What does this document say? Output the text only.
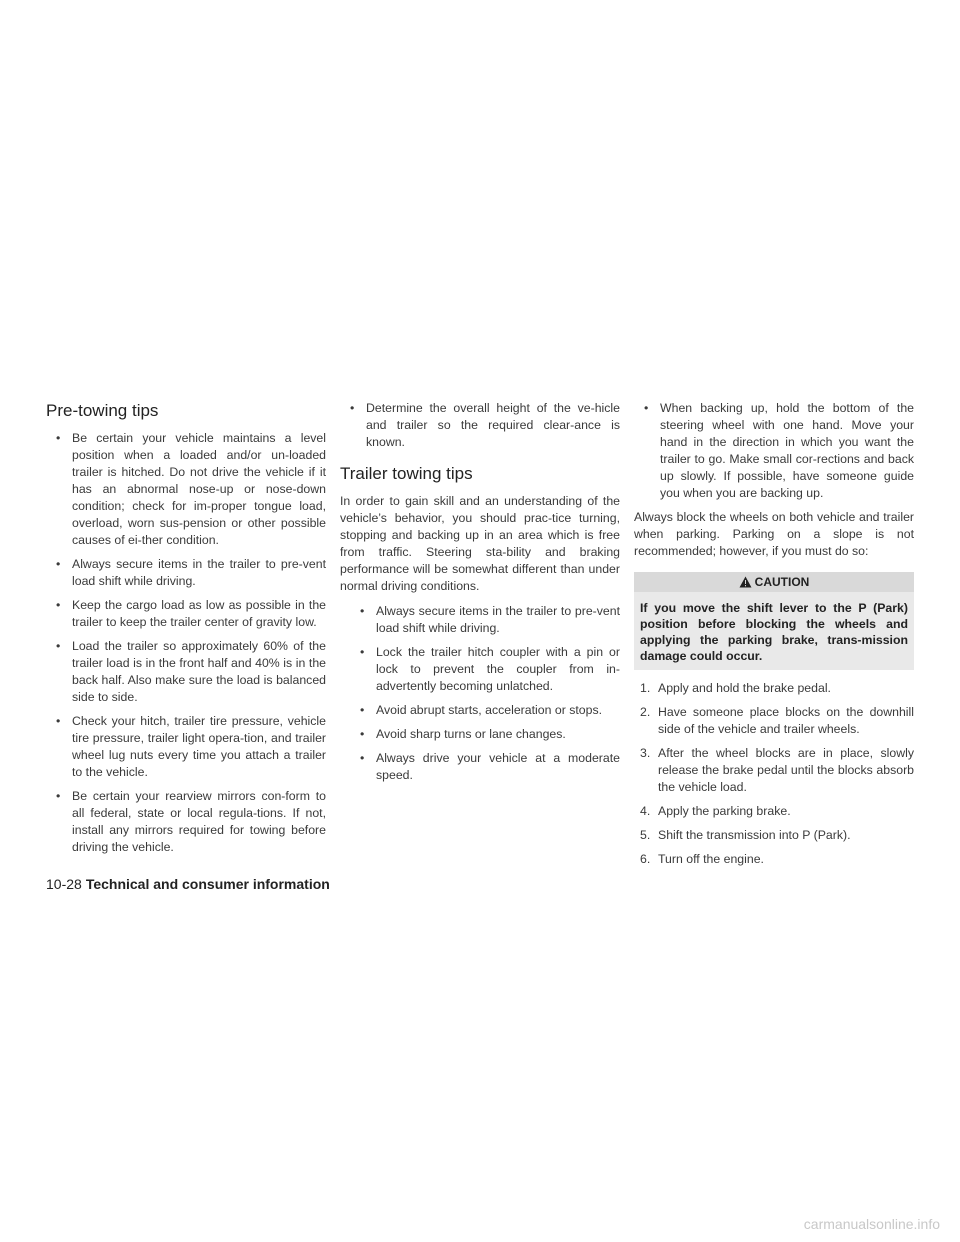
Pre-towing tips
• Be certain your vehicle maintains a level position when a loaded and/or un-loaded trailer is hitched. Do not drive the vehicle if it has an abnormal nose-up or nose-down condition; check for im-proper tongue load, overload, worn sus-pension or other possible causes of ei-ther condition.
• Always secure items in the trailer to pre-vent load shift while driving.
• Keep the cargo load as low as possible in the trailer to keep the trailer center of gravity low.
• Load the trailer so approximately 60% of the trailer load is in the front half and 40% is in the back half. Also make sure the load is balanced side to side.
• Check your hitch, trailer tire pressure, vehicle tire pressure, trailer light opera-tion, and trailer wheel lug nuts every time you attach a trailer to the vehicle.
• Be certain your rearview mirrors con-form to all federal, state or local regula-tions. If not, install any mirrors required for towing before driving the vehicle.
• Determine the overall height of the ve-hicle and trailer so the required clear-ance is known.
Trailer towing tips

In order to gain skill and an understanding of the vehicle’s behavior, you should prac-tice turning, stopping and backing up in an area which is free from traffic. Steering sta-bility and braking performance will be somewhat different than under normal driving conditions.

• Always secure items in the trailer to pre-vent load shift while driving.
• Lock the trailer hitch coupler with a pin or lock to prevent the coupler from in-advertently becoming unlatched.
• Avoid abrupt starts, acceleration or stops.
• Avoid sharp turns or lane changes.
• Always drive your vehicle at a moderate speed.
• When backing up, hold the bottom of the steering wheel with one hand. Move your hand in the direction in which you want the trailer to go. Make small cor-rections and back up slowly. If possible, have someone guide you when you are backing up.

Always block the wheels on both vehicle and trailer when parking. Parking on a slope is not recommended; however, if you must do so:

CAUTION
If you move the shift lever to the P (Park) position before blocking the wheels and applying the parking brake, trans-mission damage could occur.
1. Apply and hold the brake pedal.
2. Have someone place blocks on the downhill side of the vehicle and trailer wheels.
3. After the wheel blocks are in place, slowly release the brake pedal until the blocks absorb the vehicle load.
4. Apply the parking brake.
5. Shift the transmission into P (Park).
6. Turn off the engine.
10-28 Technical and consumer information
carmanualsonline.info
